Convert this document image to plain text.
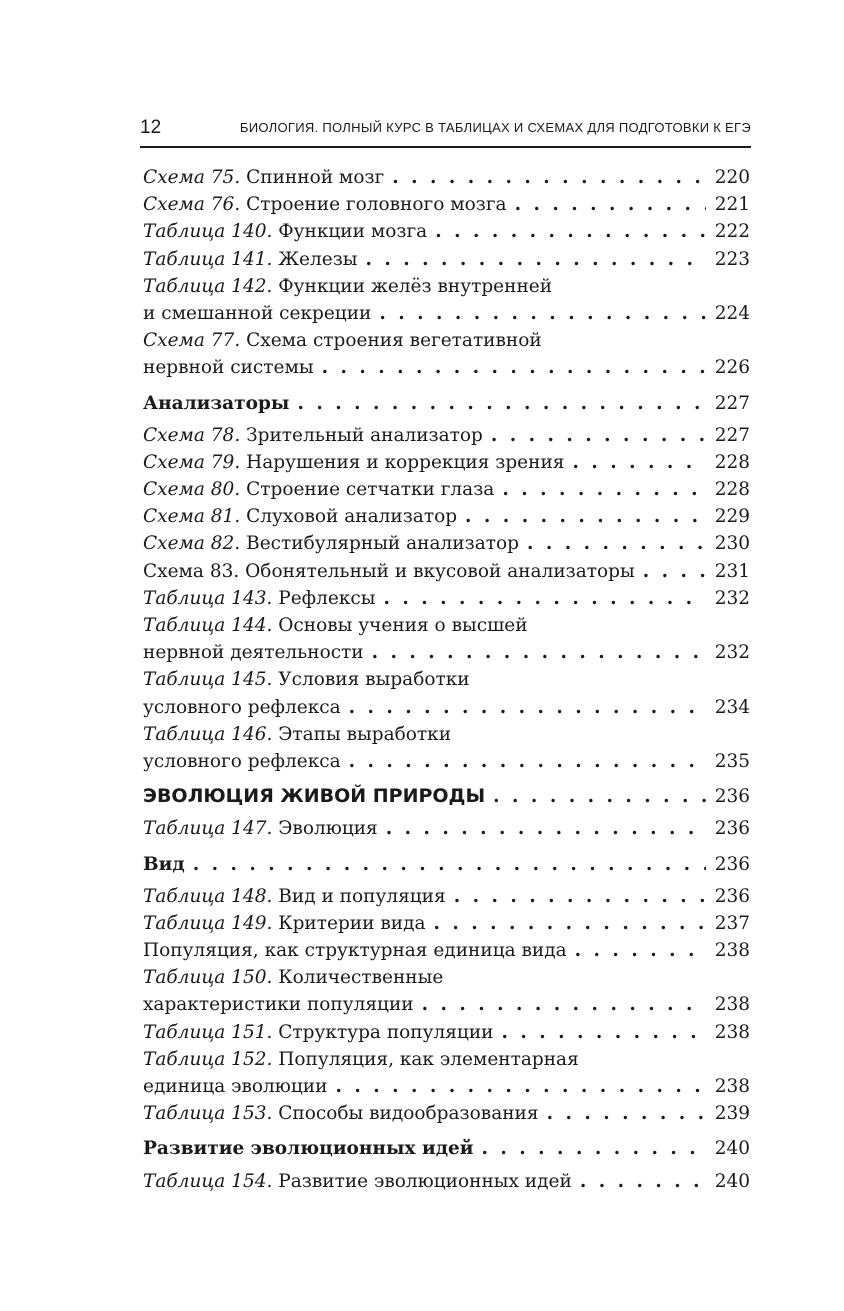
12	БИОЛОГИЯ. ПОЛНЫЙ КУРС В ТАБЛИЦАХ И СХЕМАХ ДЛЯ ПОДГОТОВКИ К ЕГЭ
Схема 75. Спинной мозг . . .	220
Схема 76. Строение головного мозга . . .	221
Таблица 140. Функции мозга . . .	222
Таблица 141. Железы . . .	223
Таблица 142. Функции желёз внутренней
и смешанной секреции . . .	224
Схема 77. Схема строения вегетативной
нервной системы . . .	226
Анализаторы . . .	227
Схема 78. Зрительный анализатор . . .	227
Схема 79. Нарушения и коррекция зрения . . .	228
Схема 80. Строение сетчатки глаза . . .	228
Схема 81. Слуховой анализатор . . .	229
Схема 82. Вестибулярный анализатор . . .	230
Схема 83. Обонятельный и вкусовой анализаторы . . .	231
Таблица 143. Рефлексы . . .	232
Таблица 144. Основы учения о высшей
нервной деятельности . . .	232
Таблица 145. Условия выработки
условного рефлекса . . .	234
Таблица 146. Этапы выработки
условного рефлекса . . .	235
ЭВОЛЮЦИЯ ЖИВОЙ ПРИРОДЫ . . .	236
Таблица 147. Эволюция . . .	236
Вид . . .	236
Таблица 148. Вид и популяция . . .	236
Таблица 149. Критерии вида . . .	237
Популяция, как структурная единица вида . . .	238
Таблица 150. Количественные
характеристики популяции . . .	238
Таблица 151. Структура популяции . . .	238
Таблица 152. Популяция, как элементарная
единица эволюции . . .	238
Таблица 153. Способы видообразования . . .	239
Развитие эволюционных идей . . .	240
Таблица 154. Развитие эволюционных идей . . .	240
